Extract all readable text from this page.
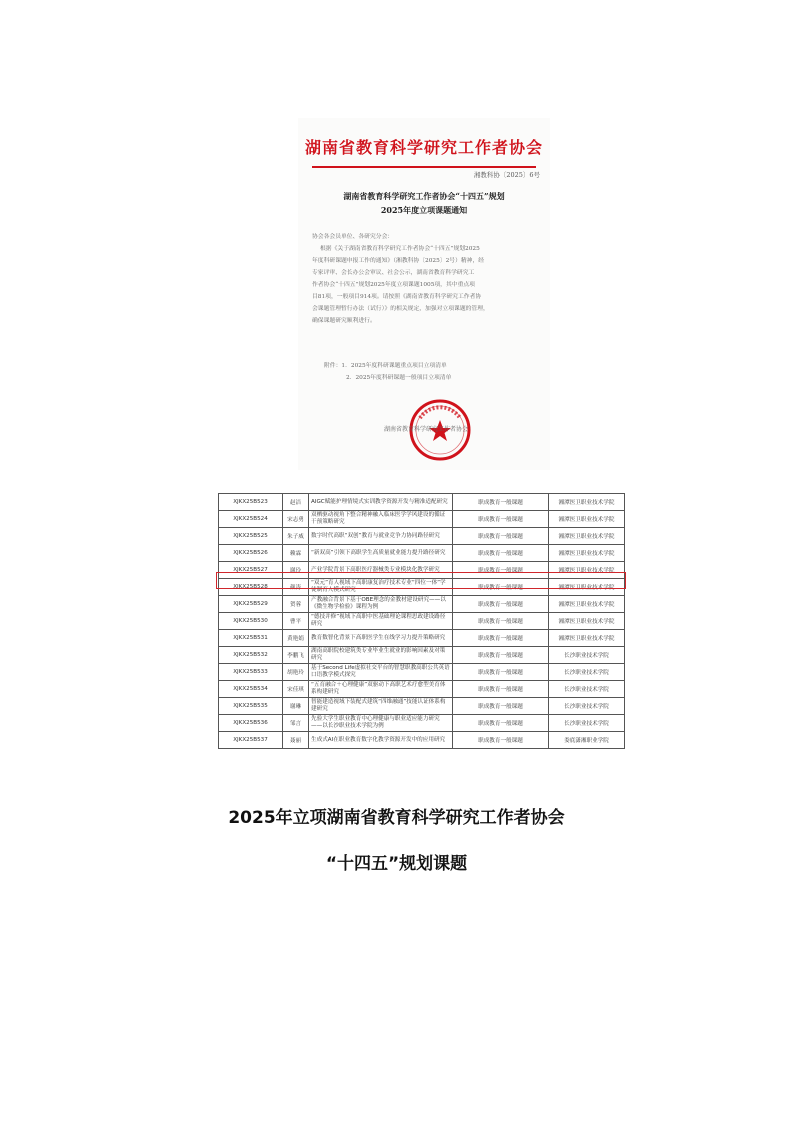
湖南省教育科学研究工作者协会
湘教科协〔2025〕6号
湖南省教育科学研究工作者协会“十四五”规划
2025年度立项课题通知
协会各会员单位、各研究分会：
根据《关于湖南省教育科学研究工作者协会“十四五”规划2025
年度科研课题申报工作的通知》（湘教科协〔2025〕2号）精神，经
专家评审、会长办公会审议、社会公示，湖南省教育科学研究工
作者协会“十四五”规划2025年度立项课题1005项，其中重点项
目81项，一般项目914项。请按照《湖南省教育科学研究工作者协
会课题管理暂行办法（试行）》的相关规定，加强对立项课题的管理，
确保课题研究顺利进行。
附件：1．2025年度科研课题重点项目立项清单
2．2025年度科研课题一般项目立项清单
湖南省教育科学研究工作者协会
XJKX25B523	赵洁	AIGC赋能护理情境式实训教学资源开发与精准适配研究	职成教育一般课题	湘潭医卫职业技术学院
XJKX25B524	宋志勇	双栖驱动视角下整合精神融入临床医学学风建设的循证干预策略研究	职成教育一般课题	湘潭医卫职业技术学院
XJKX25B525	朱子威	数字时代高职“双创”教育与就业竞争力协同路径研究	职成教育一般课题	湘潭医卫职业技术学院
XJKX25B526	赖霖	“新双高”引领下高职学生高质量就业能力提升路径研究	职成教育一般课题	湘潭医卫职业技术学院
XJKX25B527	谢玲	产业学院背景下高职医疗器械类专业模块化教学研究	职成教育一般课题	湘潭医卫职业技术学院
XJKX25B528	颜涛	“双元”育人视域下高职康复治疗技术专业“四位一体”学徒制育人模式研究	职成教育一般课题	湘潭医卫职业技术学院
XJKX25B529	贺蓉	产教融合背景下基于OBE理念的金教材建设研究——以《微生物学检验》课程为例	职成教育一般课题	湘潭医卫职业技术学院
XJKX25B530	曹平	“德技并修”视域下高职中医基础理论课程思政建设路径研究	职成教育一般课题	湘潭医卫职业技术学院
XJKX25B531	黄艳娟	教育数智化背景下高职医学生在线学习力提升策略研究	职成教育一般课题	湘潭医卫职业技术学院
XJKX25B532	李鹏飞	湖南高职院校建筑类专业毕业生就业的影响因素及对策研究	职成教育一般课题	长沙职业技术学院
XJKX25B533	胡艳玲	基于Second Life虚拟社交平台的智慧职教高职公共英语口语教学模式探究	职成教育一般课题	长沙职业技术学院
XJKX25B534	宋佳琪	“五育融合＋心理健康”双驱动下高职艺术疗愈型美育体系构建研究	职成教育一般课题	长沙职业技术学院
XJKX25B535	谢琳	智能建造视域下装配式建筑“四维融通”技能认证体系构建研究	职成教育一般课题	长沙职业技术学院
XJKX25B536	邹言	先验大学生职业教育中心理健康与职业适应能力研究——以长沙职业技术学院为例	职成教育一般课题	长沙职业技术学院
XJKX25B537	聂丽	生成式AI在职业教育数字化教学资源开发中的应用研究	职成教育一般课题	娄底潇湘职业学院
2025年立项湖南省教育科学研究工作者协会
“十四五”规划课题
